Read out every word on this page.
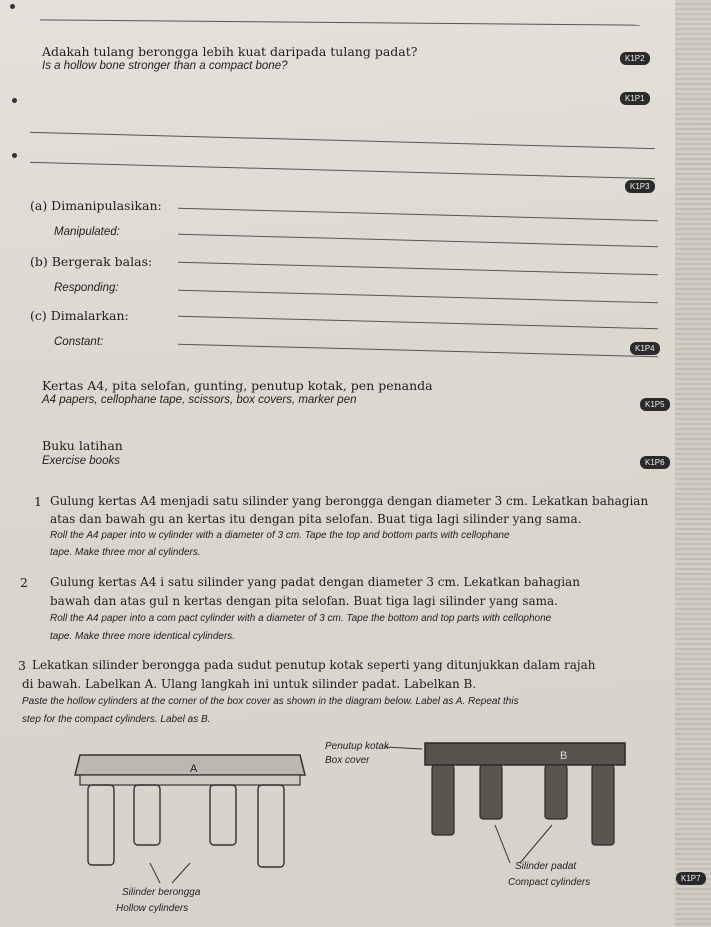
Adakah tulang berongga lebih kuat daripada tulang padat?
Is a hollow bone stronger than a compact bone?
(a) Dimanipulasikan:
Manipulated:
(b) Bergerak balas:
Responding:
(c) Dimalarkan:
Constant:
Kertas A4, pita selofan, gunting, penutup kotak, pen penanda
A4 papers, cellophane tape, scissors, box covers, marker pen
Buku latihan
Exercise books
1 Gulung kertas A4 menjadi satu silinder yang berongga dengan diameter 3 cm. Lekatkan bahagian
atas dan bawah gu an kertas itu dengan pita selofan. Buat tiga lagi silinder yang sama.
Roll the A4 paper into w cylinder with a diameter of 3 cm. Tape the top and bottom parts with cellophane
tape. Make three mor al cylinders.
2 Gulung kertas A4 i satu silinder yang padat dengan diameter 3 cm. Lekatkan bahagian
bawah dan atas gul n kertas dengan pita selofan. Buat tiga lagi silinder yang sama.
Roll the A4 paper into a com pact cylinder with a diameter of 3 cm. Tape the bottom and top parts with cellophone
tape. Make three more identical cylinders.
3 Lekatkan silinder berongga pada sudut penutup kotak seperti yang ditunjukkan dalam rajah
di bawah. Labelkan A. Ulang langkah ini untuk silinder padat. Labelkan B.
Paste the hollow cylinders at the corner of the box cover as shown in the diagram below. Label as A. Repeat this
step for the compact cylinders. Label as B.
A
Silinder berongga
Hollow cylinders
Penutup kotak
Box cover	B
Silinder padat
Compact cylinders
K1P2
K1P1
K1P3
K1P4
K1P5
K1P6
K1P7
